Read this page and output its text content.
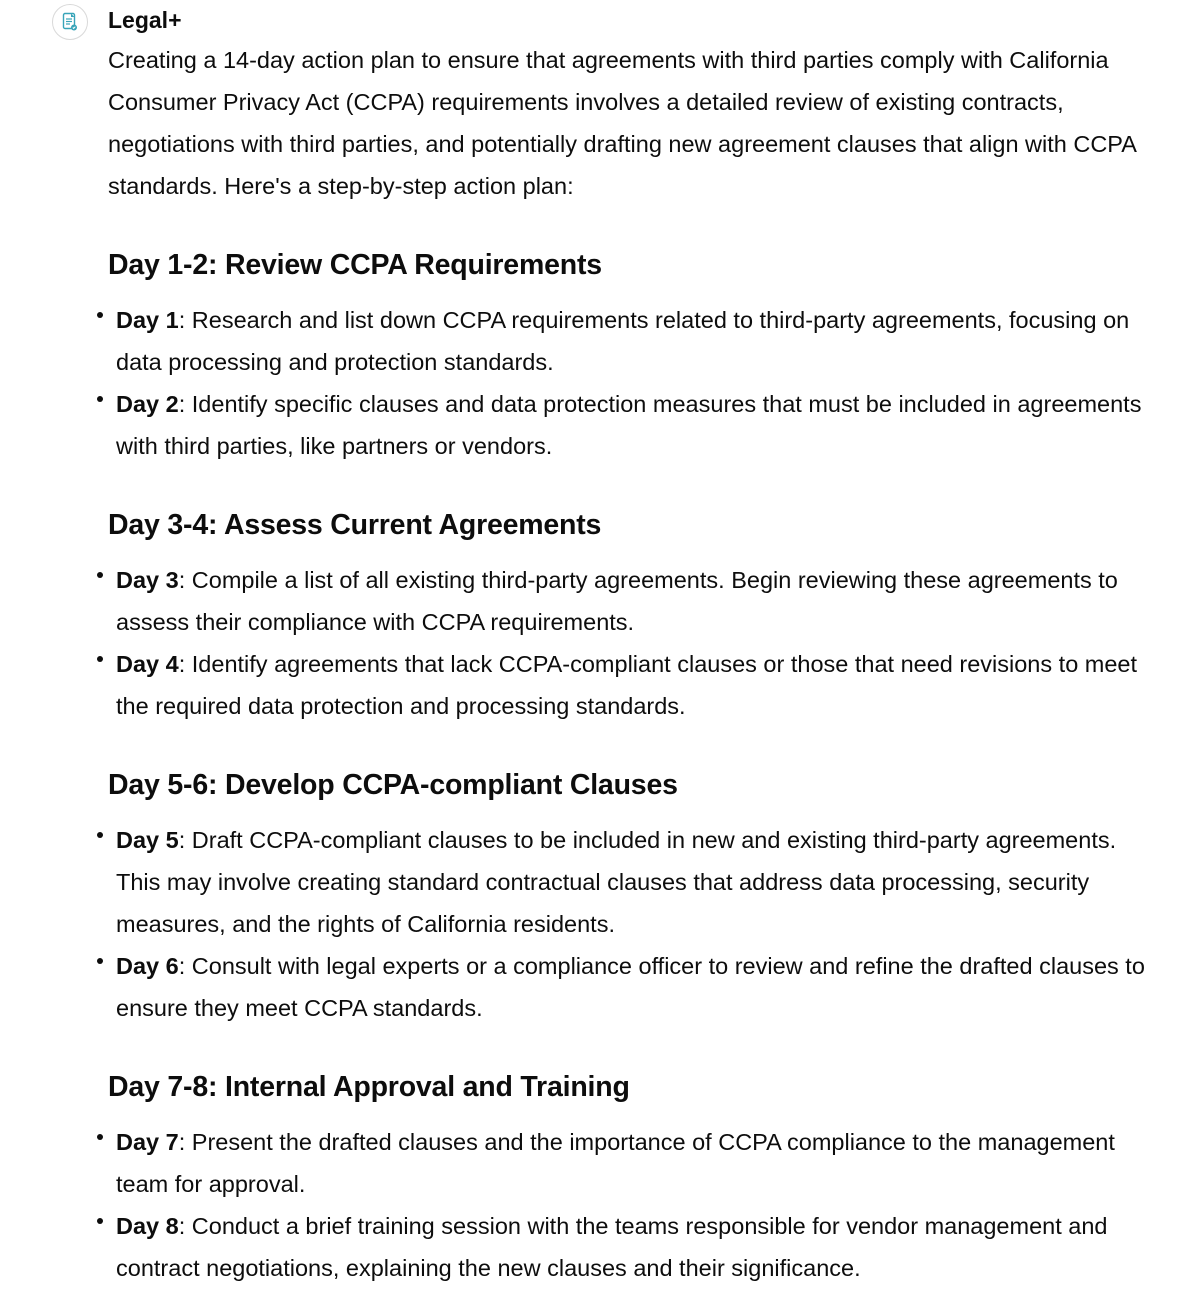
Legal+

Creating a 14-day action plan to ensure that agreements with third parties comply with California Consumer Privacy Act (CCPA) requirements involves a detailed review of existing contracts, negotiations with third parties, and potentially drafting new agreement clauses that align with CCPA standards. Here's a step-by-step action plan:

Day 1-2: Review CCPA Requirements
Day 1: Research and list down CCPA requirements related to third-party agreements, focusing on data processing and protection standards.
Day 2: Identify specific clauses and data protection measures that must be included in agreements with third parties, like partners or vendors.
Day 3-4: Assess Current Agreements
Day 3: Compile a list of all existing third-party agreements. Begin reviewing these agreements to assess their compliance with CCPA requirements.
Day 4: Identify agreements that lack CCPA-compliant clauses or those that need revisions to meet the required data protection and processing standards.
Day 5-6: Develop CCPA-compliant Clauses
Day 5: Draft CCPA-compliant clauses to be included in new and existing third-party agreements. This may involve creating standard contractual clauses that address data processing, security measures, and the rights of California residents.
Day 6: Consult with legal experts or a compliance officer to review and refine the drafted clauses to ensure they meet CCPA standards.
Day 7-8: Internal Approval and Training
Day 7: Present the drafted clauses and the importance of CCPA compliance to the management team for approval.
Day 8: Conduct a brief training session with the teams responsible for vendor management and contract negotiations, explaining the new clauses and their significance.
